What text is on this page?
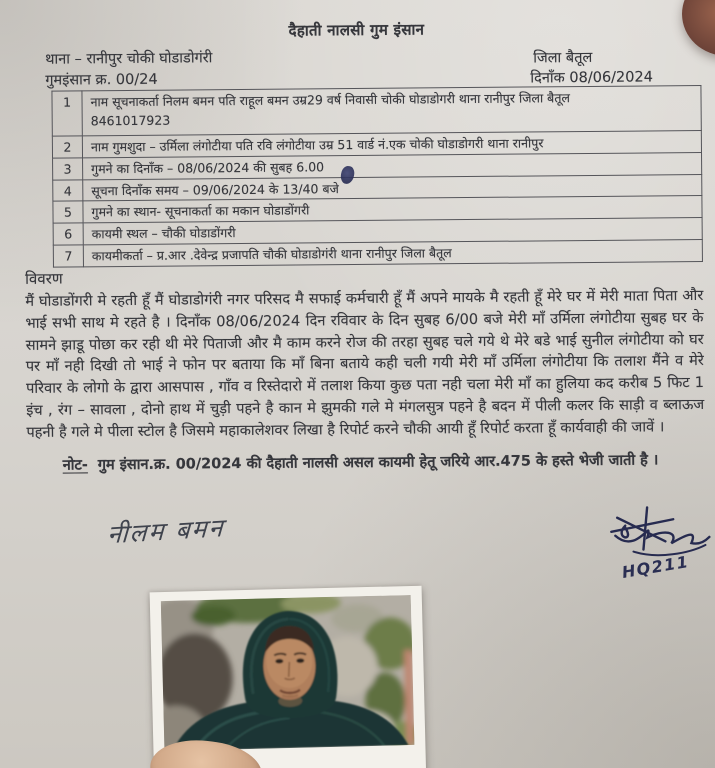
दैहाती नालसी गुम इंसान
थाना – रानीपुर चोकी घोडाडोगंरी
गुमइंसान क्र. 00/24
जिला बैतूल
दिनाँक 08/06/2024
1	नाम सूचनाकर्ता निलम बमन पति राहूल बमन उम्र29 वर्ष निवासी चोकी घोडाडोगरी थाना रानीपुर जिला बैतूल
8461017923
2	नाम गुमशुदा – उर्मिला लंगोटीया पति रवि लंगोटीया उम्र 51 वार्ड नं.एक चोकी घोडाडोगरी थाना रानीपुर
3	गुमने का दिनाँक – 08/06/2024 की सुबह 6.00
4	सूचना दिनाँक समय – 09/06/2024 के 13/40 बजे
5	गुमने का स्थान- सूचनाकर्ता का मकान घोडाडोंगरी
6	कायमी स्थल – चौकी घोडाडोंगरी
7	कायमीकर्ता – प्र.आर .देवेन्द्र प्रजापति चौकी घोडाडोगंरी थाना रानीपुर जिला बैतूल
विवरण
मैं घोडाडोंगरी मे रहती हूँ मैं घोडाडोगंरी नगर परिसद मै सफाई कर्मचारी हूँ मैं अपने मायके मै रहती हूँ मेरे घर में मेरी माता पिता और भाई सभी साथ मे रहते है । दिनाँक 08/06/2024 दिन रविवार के दिन सुबह 6/00 बजे मेरी माँ उर्मिला लंगोटीया सुबह घर के सामने झाडू पोछा कर रही थी मेरे पिताजी और मै काम करने रोज की तरहा सुबह चले गये थे मेरे बडे भाई सुनील लंगोटीया को घर पर माँ नही दिखी तो भाई ने फोन पर बताया कि माँ बिना बताये कही चली गयी मेरी माँ उर्मिला लंगोटीया कि तलाश मैंने व मेरे परिवार के लोगो के द्वारा आसपास , गाँव व रिस्तेदारो में तलाश किया कुछ पता नही चला मेरी माँ का हुलिया कद करीब 5 फिट 1 इंच , रंग – सावला , दोनो हाथ में चुड़ी पहने है कान मे झुमकी गले मे मंगलसुत्र पहने है बदन में पीली कलर कि साड़ी व ब्लाऊज पहनी है गले मे पीला स्टोल है जिसमे महाकालेशवर लिखा है रिपोर्ट करने चौकी आयी हूँ रिपोर्ट करता हूँ कार्यवाही की जावें ।
नोट- गुम इंसान.क्र. 00/2024 की दैहाती नालसी असल कायमी हेतू जरिये आर.475 के हस्ते भेजी जाती है ।
नीलम बमन
HQ211
